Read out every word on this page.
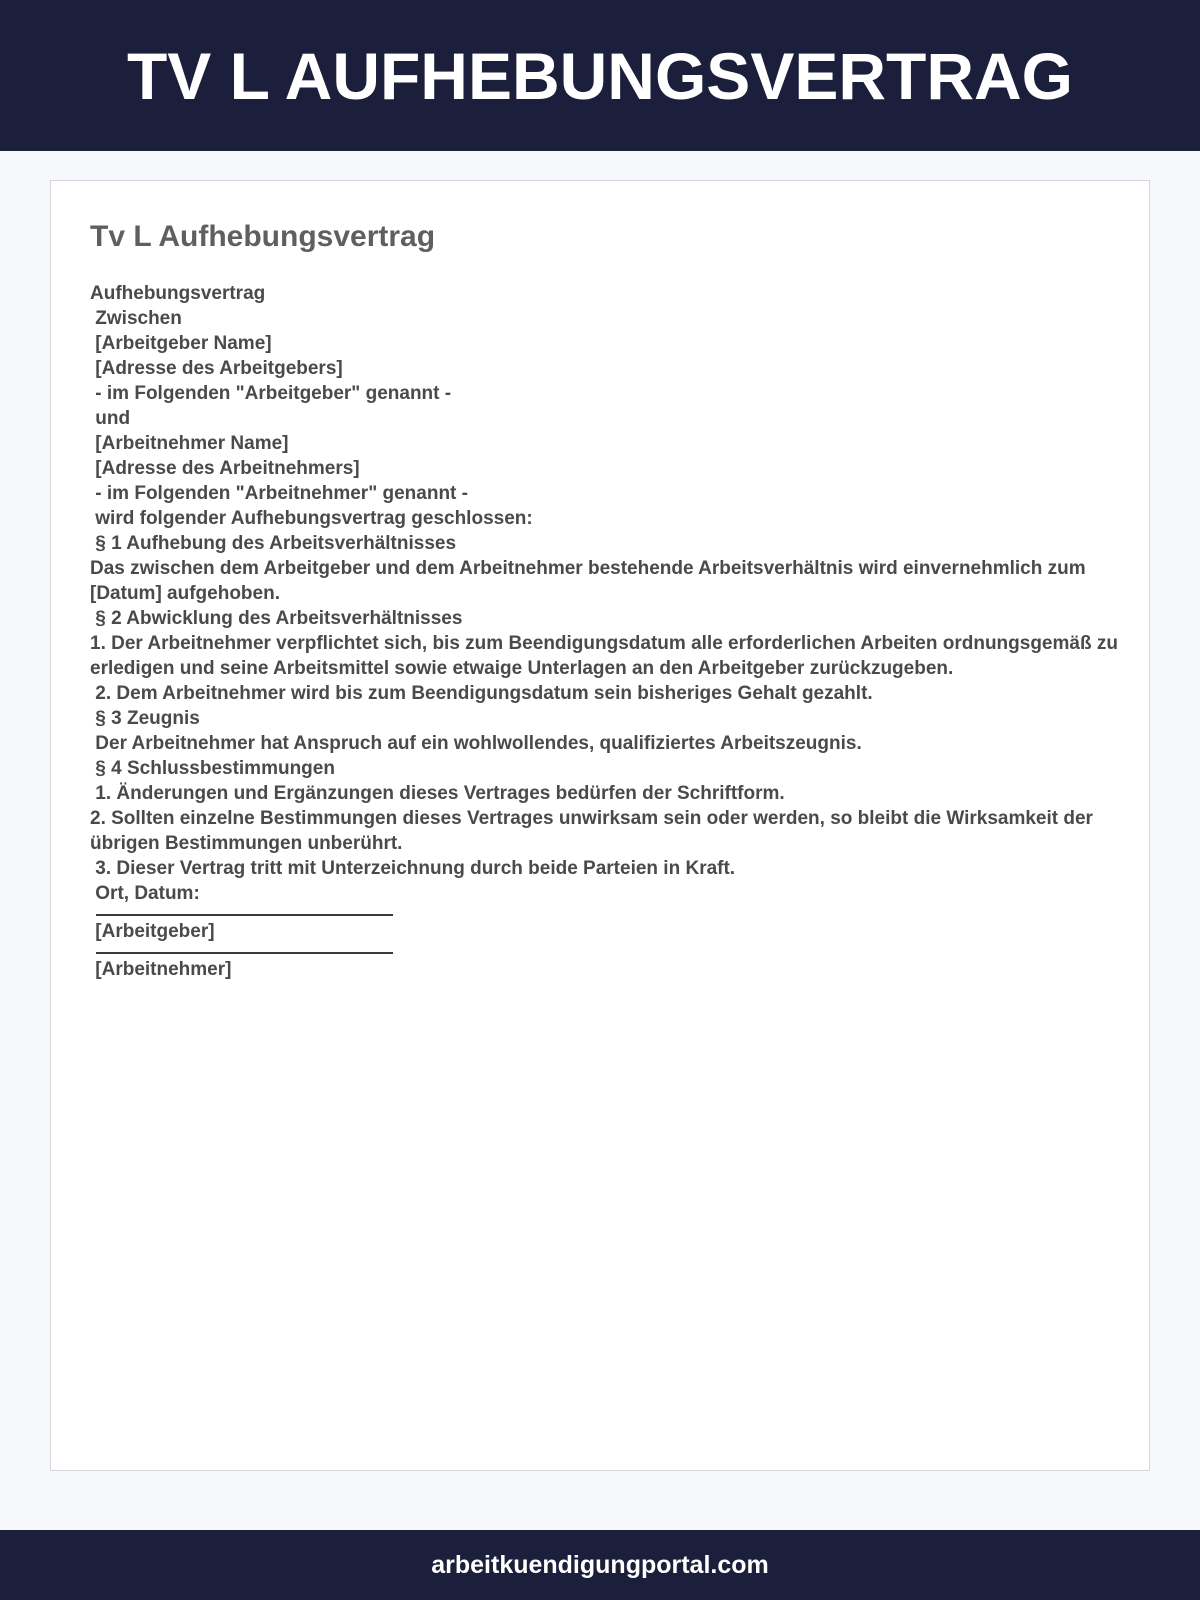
TV L AUFHEBUNGSVERTRAG
Tv L Aufhebungsvertrag
Aufhebungsvertrag
Zwischen
[Arbeitgeber Name]
[Adresse des Arbeitgebers]
- im Folgenden "Arbeitgeber" genannt -
und
[Arbeitnehmer Name]
[Adresse des Arbeitnehmers]
- im Folgenden "Arbeitnehmer" genannt -
wird folgender Aufhebungsvertrag geschlossen:
§ 1 Aufhebung des Arbeitsverhältnisses
Das zwischen dem Arbeitgeber und dem Arbeitnehmer bestehende Arbeitsverhältnis wird einvernehmlich zum [Datum] aufgehoben.
§ 2 Abwicklung des Arbeitsverhältnisses
1. Der Arbeitnehmer verpflichtet sich, bis zum Beendigungsdatum alle erforderlichen Arbeiten ordnungsgemäß zu erledigen und seine Arbeitsmittel sowie etwaige Unterlagen an den Arbeitgeber zurückzugeben.
2. Dem Arbeitnehmer wird bis zum Beendigungsdatum sein bisheriges Gehalt gezahlt.
§ 3 Zeugnis
Der Arbeitnehmer hat Anspruch auf ein wohlwollendes, qualifiziertes Arbeitszeugnis.
§ 4 Schlussbestimmungen
1. Änderungen und Ergänzungen dieses Vertrages bedürfen der Schriftform.
2. Sollten einzelne Bestimmungen dieses Vertrages unwirksam sein oder werden, so bleibt die Wirksamkeit der übrigen Bestimmungen unberührt.
3. Dieser Vertrag tritt mit Unterzeichnung durch beide Parteien in Kraft.
Ort, Datum:
[Arbeitgeber]
[Arbeitnehmer]
arbeitkuendigungportal.com
